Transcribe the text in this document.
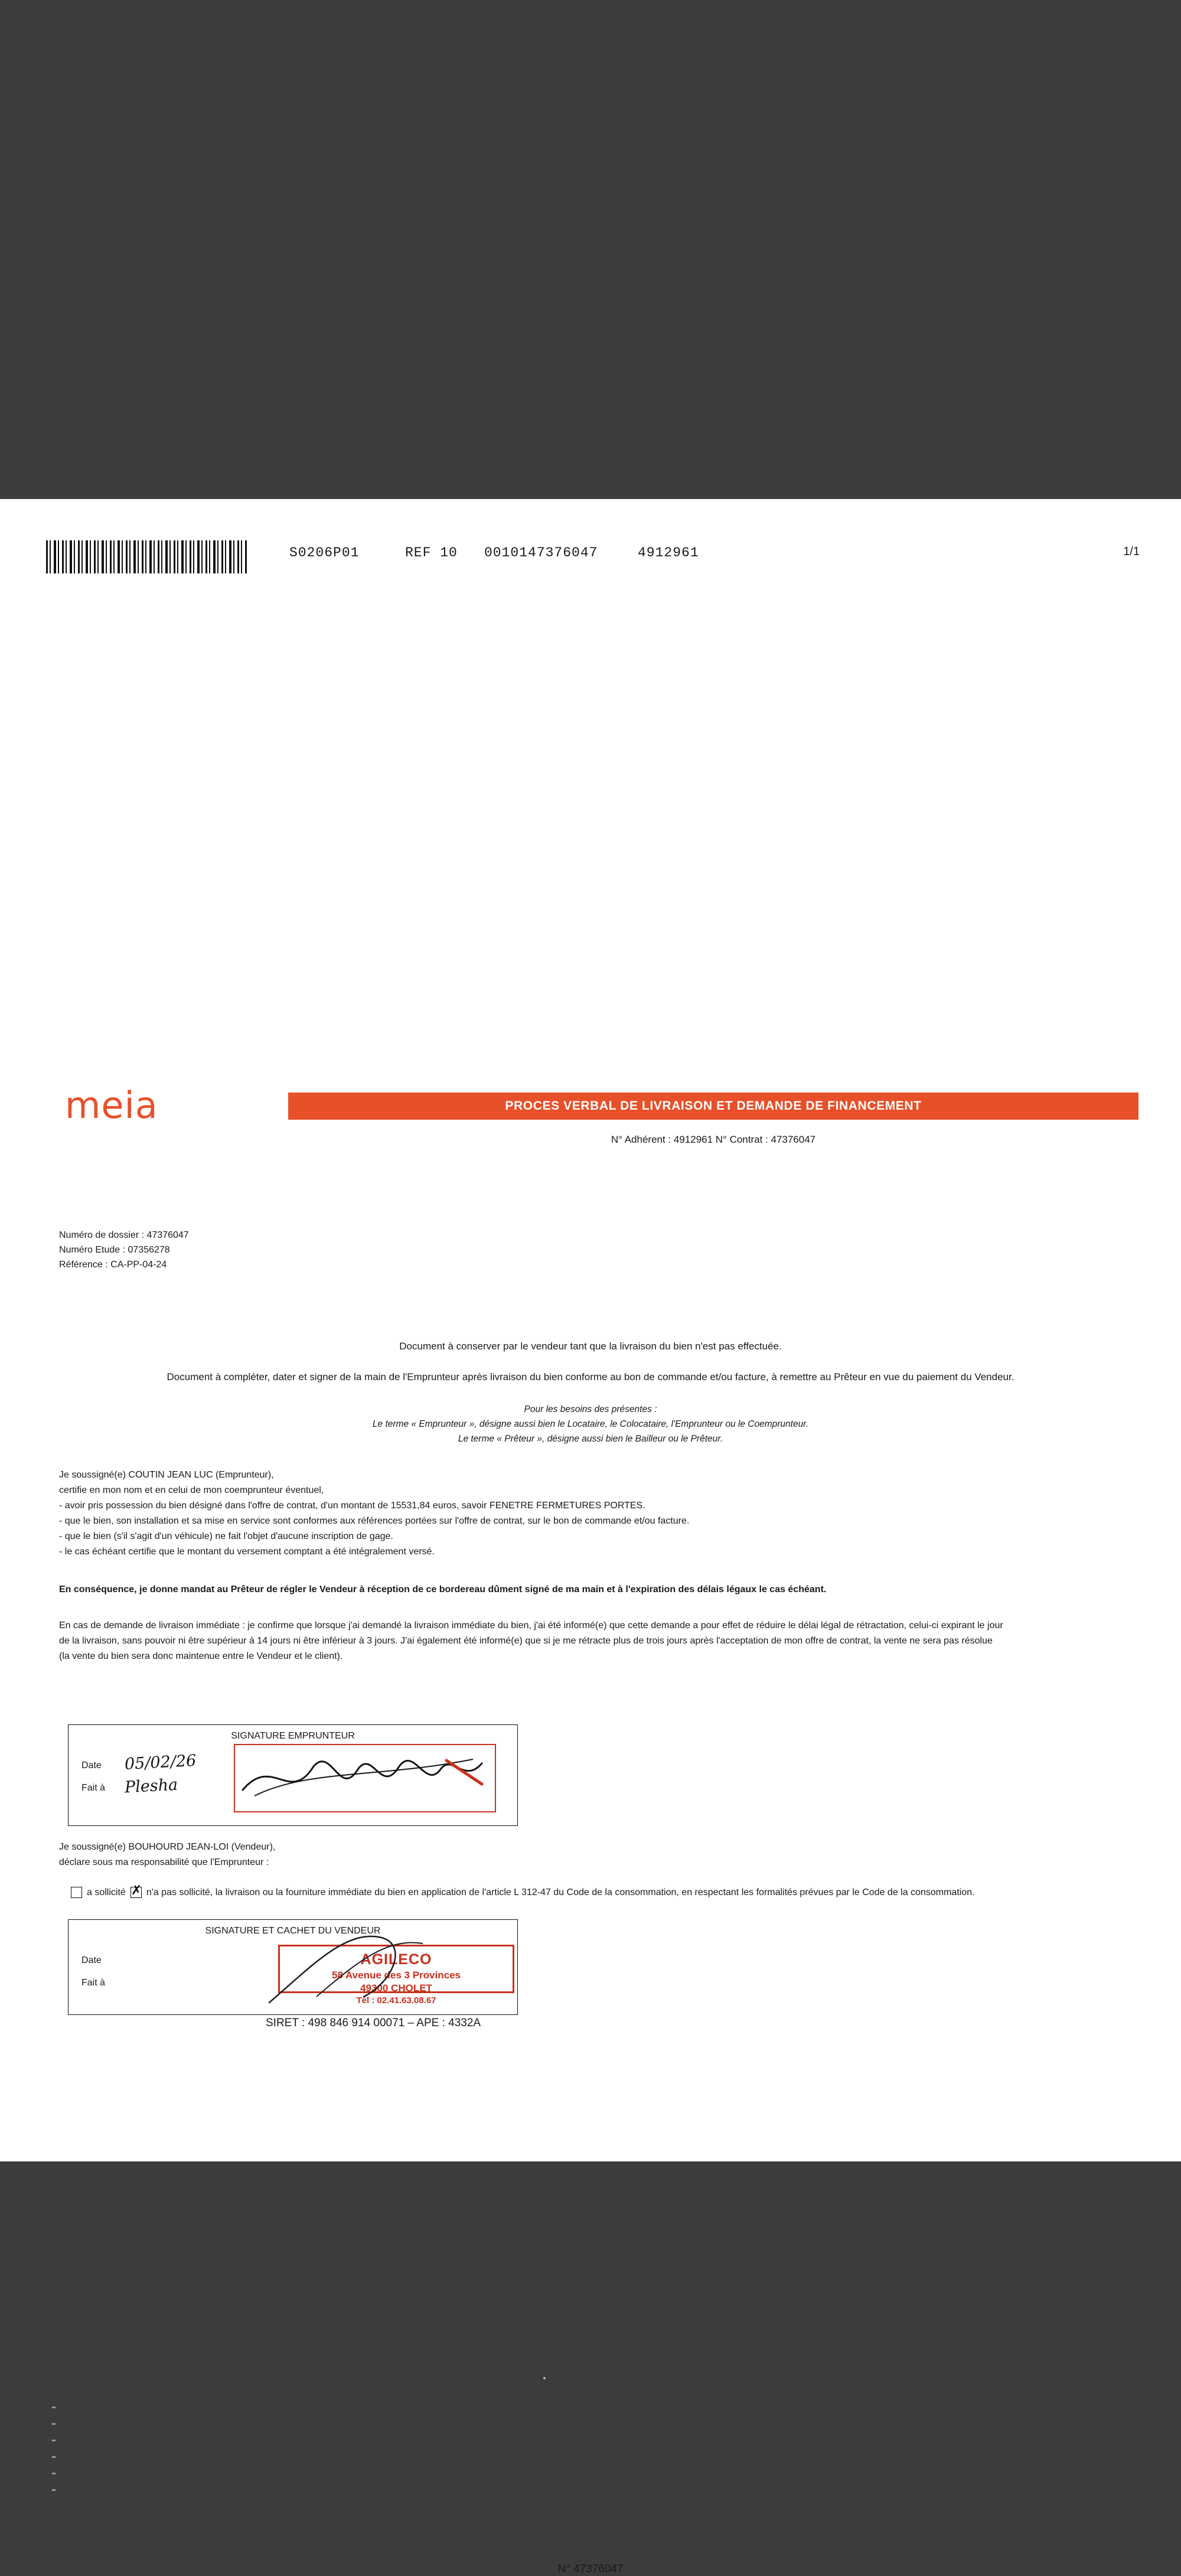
S0206P01	REF 10 0010147376047	4912961	1/1
meia	PROCES VERBAL DE LIVRAISON ET DEMANDE DE FINANCEMENT
N° Adhérent : 4912961 N° Contrat : 47376047
Numéro de dossier : 47376047
Numéro Etude : 07356278
Référence : CA-PP-04-24
Document à conserver par le vendeur tant que la livraison du bien n'est pas effectuée.
Document à compléter, dater et signer de la main de l'Emprunteur après livraison du bien conforme au bon de commande et/ou facture, à remettre au Prêteur en vue du paiement du Vendeur.
Pour les besoins des présentes :
Le terme « Emprunteur », désigne aussi bien le Locataire, le Colocataire, l'Emprunteur ou le Coemprunteur.
Le terme « Prêteur », désigne aussi bien le Bailleur ou le Prêteur.
Je soussigné(e) COUTIN JEAN LUC (Emprunteur),
certifie en mon nom et en celui de mon coemprunteur éventuel,
- avoir pris possession du bien désigné dans l'offre de contrat, d'un montant de 15531,84 euros, savoir FENETRE FERMETURES PORTES.
- que le bien, son installation et sa mise en service sont conformes aux références portées sur l'offre de contrat, sur le bon de commande et/ou facture.
- que le bien (s'il s'agit d'un véhicule) ne fait l'objet d'aucune inscription de gage.
- le cas échéant certifie que le montant du versement comptant a été intégralement versé.
En conséquence, je donne mandat au Prêteur de régler le Vendeur à réception de ce bordereau dûment signé de ma main et à l'expiration des délais légaux le cas échéant.
En cas de demande de livraison immédiate : je confirme que lorsque j'ai demandé la livraison immédiate du bien, j'ai été informé(e) que cette demande a pour effet de réduire le délai légal de rétractation, celui-ci expirant le jour
de la livraison, sans pouvoir ni être supérieur à 14 jours ni être inférieur à 3 jours. J'ai également été informé(e) que si je me rétracte plus de trois jours après l'acceptation de mon offre de contrat, la vente ne sera pas résolue
(la vente du bien sera donc maintenue entre le Vendeur et le client).
SIGNATURE EMPRUNTEUR
Date
Fait à
05/02/26
Plesha
Je soussigné(e) BOUHOURD JEAN-LOI (Vendeur),
déclare sous ma responsabilité que l'Emprunteur :
a sollicité ✗ n'a pas sollicité, la livraison ou la fourniture immédiate du bien en application de l'article L 312-47 du Code de la consommation, en respectant les formalités prévues par le Code de la consommation.
SIGNATURE ET CACHET DU VENDEUR
Date
Fait à
AGILECO
58 Avenue des 3 Provinces
49300 CHOLET
Tél : 02.41.63.08.67
SIRET : 498 846 914 00071 – APE : 4332A
N° 47376047
